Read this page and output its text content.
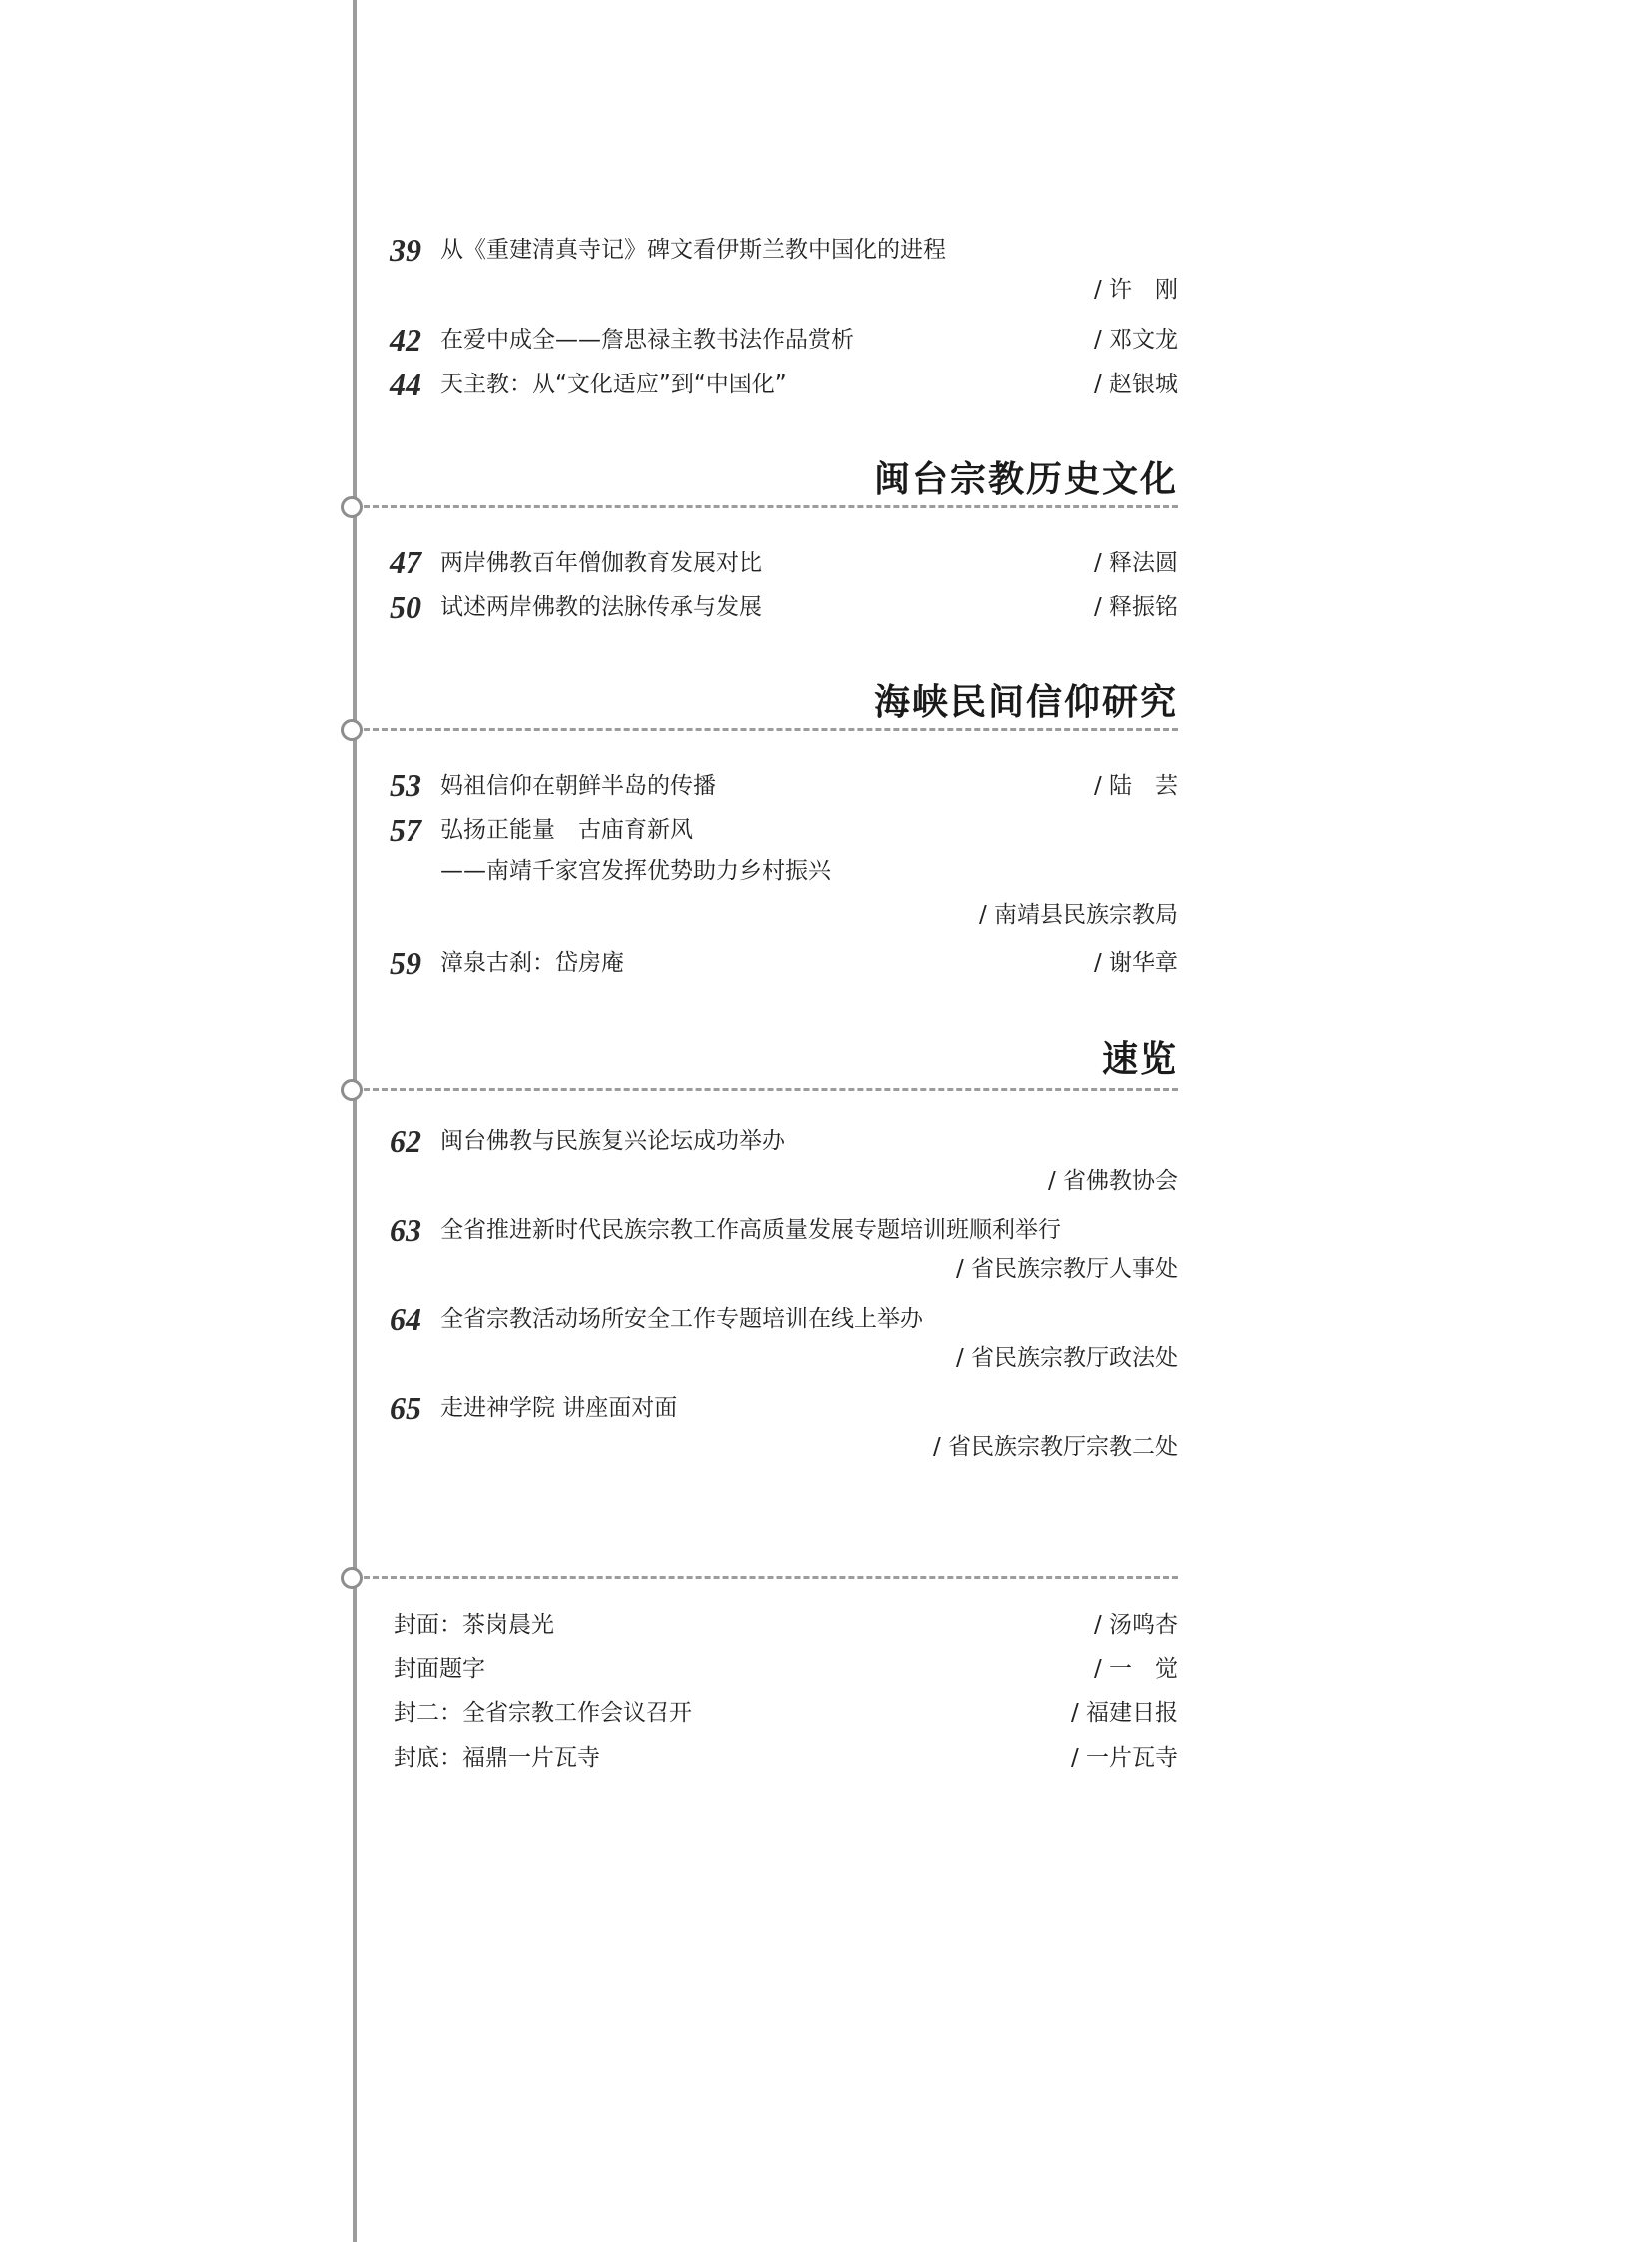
39 从《重建清真寺记》碑文看伊斯兰教中国化的进程
/ 许　刚
42 在爱中成全——詹思禄主教书法作品赏析	/ 邓文龙
44 天主教：从“文化适应”到“中国化”	/ 赵银城
闽台宗教历史文化
47 两岸佛教百年僧伽教育发展对比	/ 释法圆
50 试述两岸佛教的法脉传承与发展	/ 释振铭
海峡民间信仰研究
53 妈祖信仰在朝鲜半岛的传播	/ 陆　芸
57 弘扬正能量　古庙育新风
——南靖千家宫发挥优势助力乡村振兴
/ 南靖县民族宗教局
59 漳泉古刹：岱房庵	/ 谢华章
速览
62 闽台佛教与民族复兴论坛成功举办
/ 省佛教协会
63 全省推进新时代民族宗教工作高质量发展专题培训班顺利举行
/ 省民族宗教厅人事处
64 全省宗教活动场所安全工作专题培训在线上举办
/ 省民族宗教厅政法处
65 走进神学院 讲座面对面
/ 省民族宗教厅宗教二处
封面：茶岗晨光	/ 汤鸣杏
封面题字	/ 一　觉
封二：全省宗教工作会议召开	/ 福建日报
封底：福鼎一片瓦寺	/ 一片瓦寺
